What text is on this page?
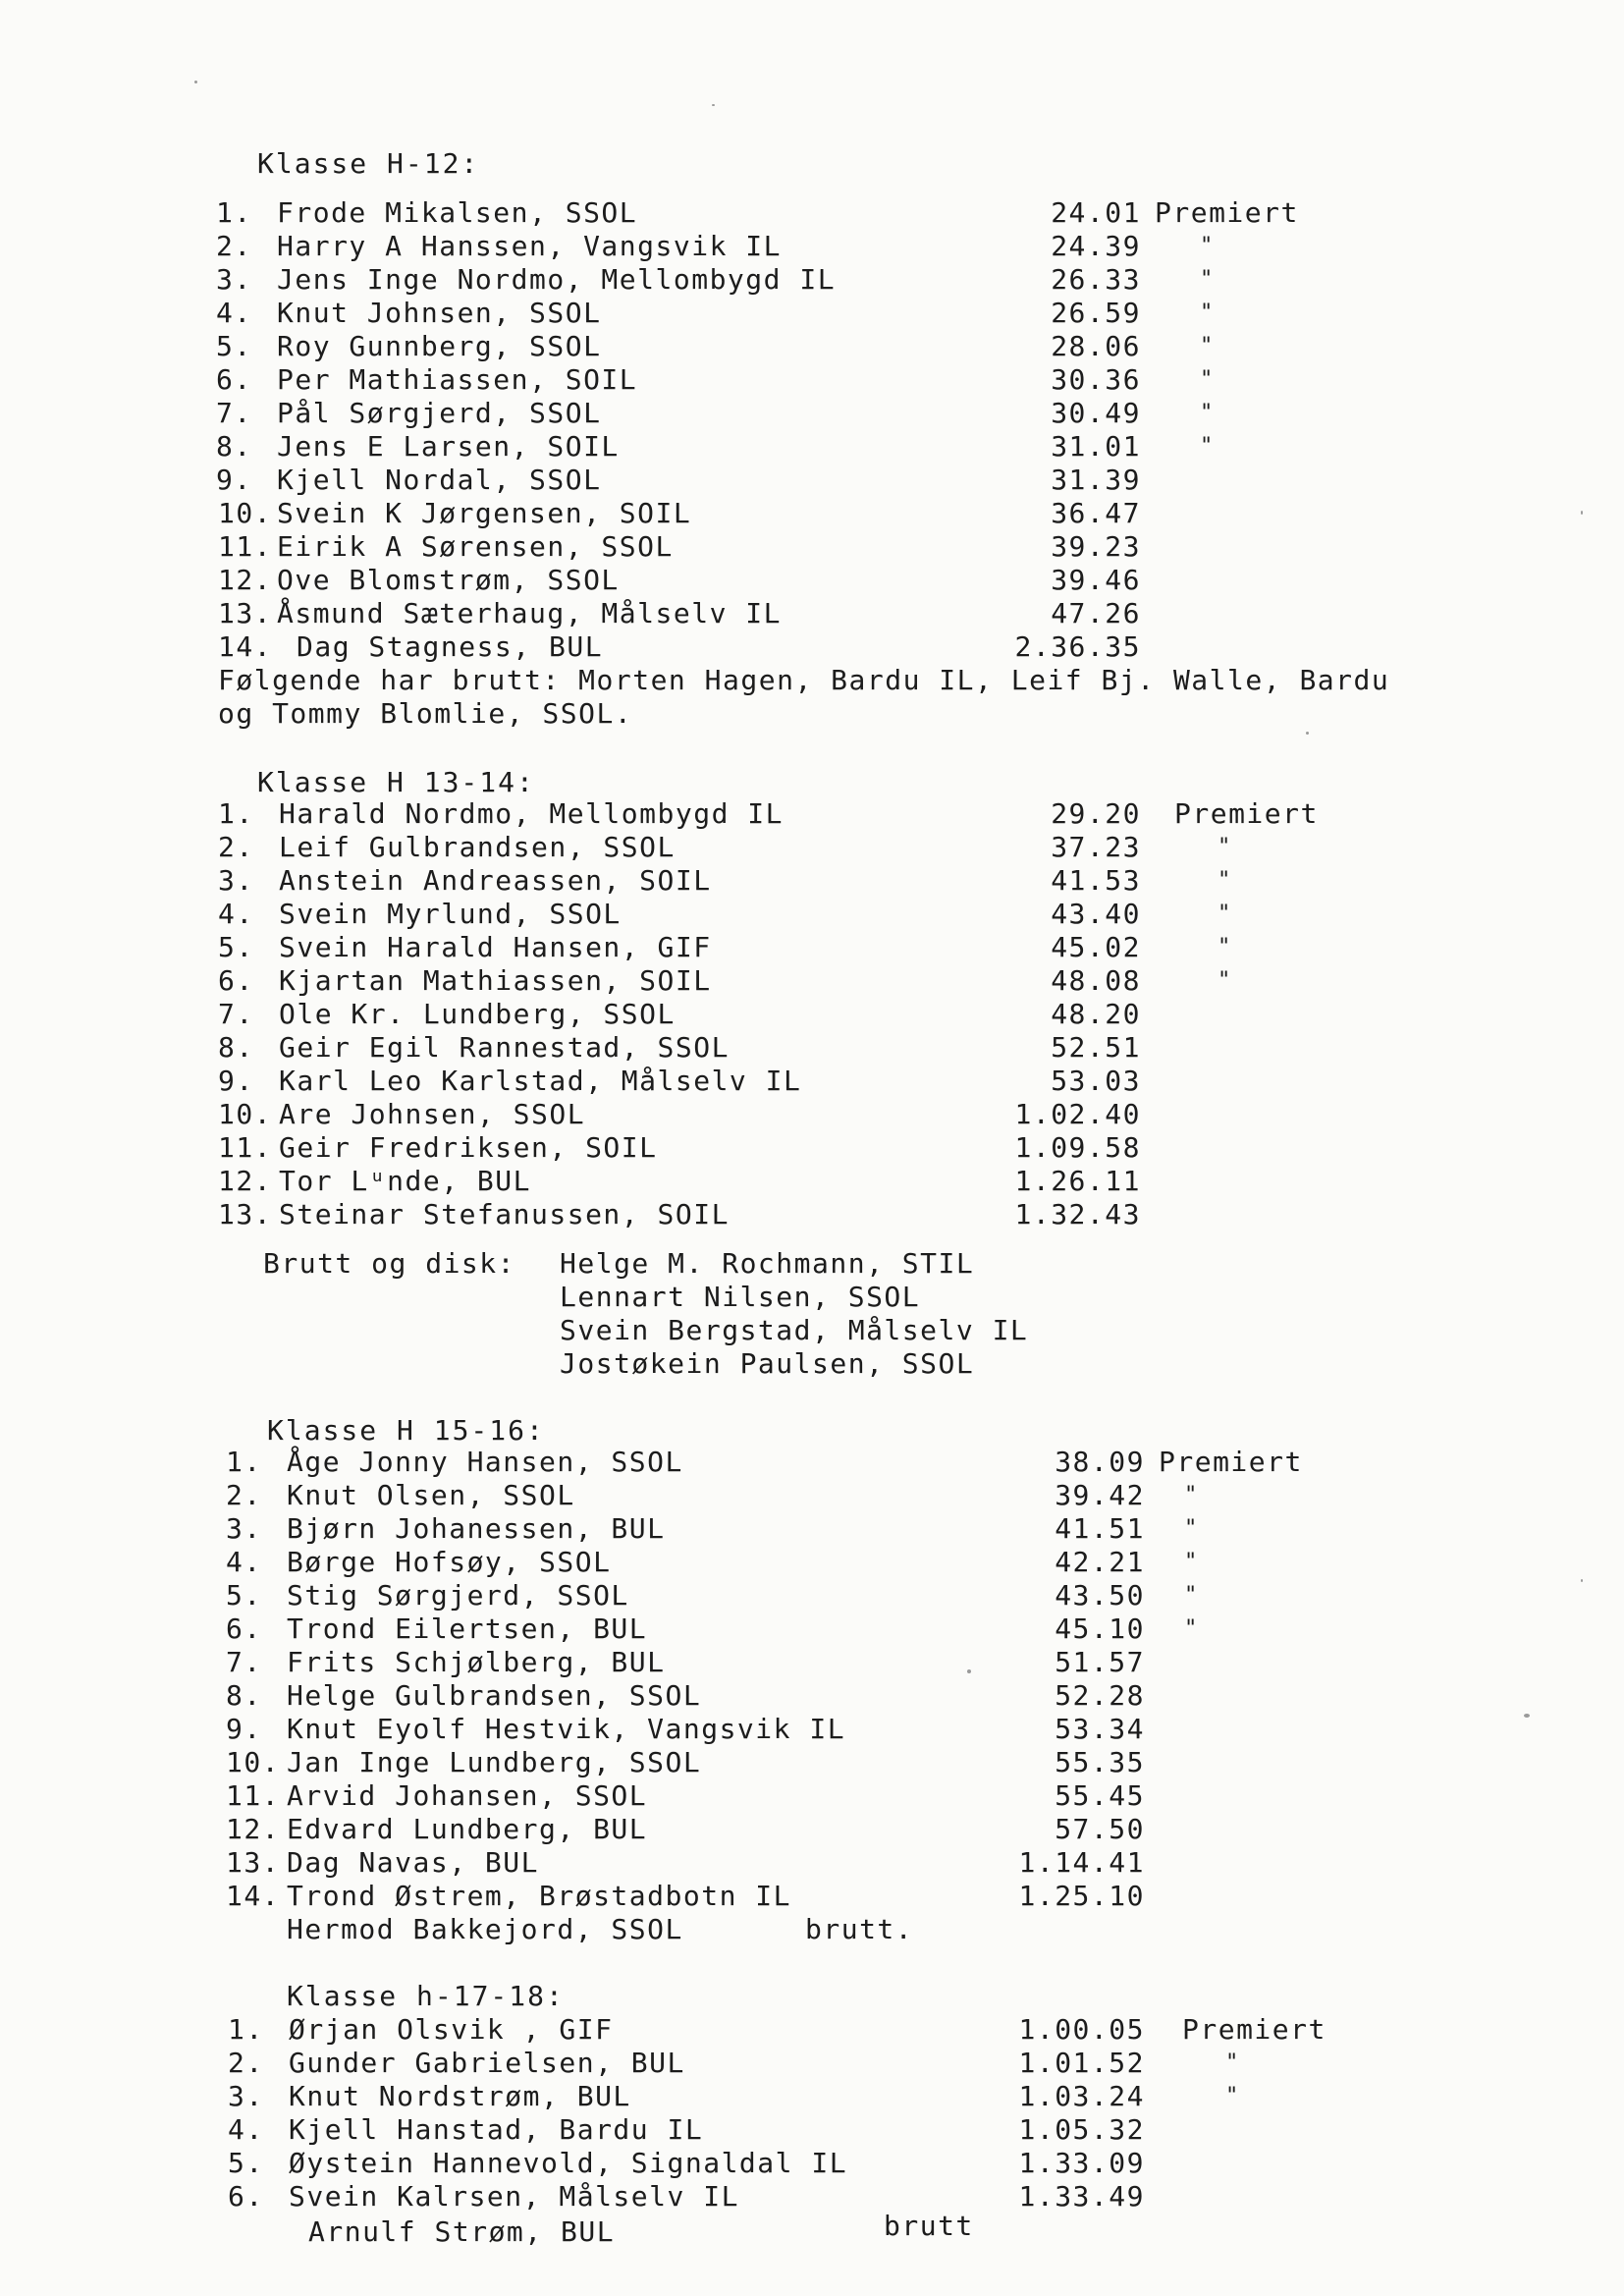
Klasse H-12:
1. Frode Mikalsen, SSOL	24.01 Premiert
2. Harry A Hanssen, Vangsvik IL	24.39	"
3. Jens Inge Nordmo, Mellombygd IL	26.33	"
4. Knut Johnsen, SSOL	26.59	"
5. Roy Gunnberg, SSOL	28.06	"
6. Per Mathiassen, SOIL	30.36	"
7. Pål Sørgjerd, SSOL	30.49	"
8. Jens E Larsen, SOIL	31.01	"
9. Kjell Nordal, SSOL	31.39
10. Svein K Jørgensen, SOIL	36.47
11. Eirik A Sørensen, SSOL	39.23
12. Ove Blomstrøm, SSOL	39.46
13. Åsmund Sæterhaug, Målselv IL	47.26
14. Dag Stagness, BUL	2.36.35
Følgende har brutt: Morten Hagen, Bardu IL, Leif Bj. Walle, Bardu
og Tommy Blomlie, SSOL.
Klasse H 13-14:
1. Harald Nordmo, Mellombygd IL	29.20 Premiert
2. Leif Gulbrandsen, SSOL	37.23	"
3. Anstein Andreassen, SOIL	41.53	"
4. Svein Myrlund, SSOL	43.40	"
5. Svein Harald Hansen, GIF	45.02	"
6. Kjartan Mathiassen, SOIL	48.08	"
7. Ole Kr. Lundberg, SSOL	48.20
8. Geir Egil Rannestad, SSOL	52.51
9. Karl Leo Karlstad, Målselv IL	53.03
10. Are Johnsen, SSOL	1.02.40
11. Geir Fredriksen, SOIL	1.09.58
12. Tor Lᵘnde, BUL	1.26.11
13. Steinar Stefanussen, SOIL	1.32.43
Brutt og disk: Helge M. Rochmann, STIL
Lennart Nilsen, SSOL
Svein Bergstad, Målselv IL
Jostøkein Paulsen, SSOL
Klasse H 15-16:
1. Åge Jonny Hansen, SSOL	38.09 Premiert
2. Knut Olsen, SSOL	39.42 "
3. Bjørn Johanessen, BUL	41.51 "
4. Børge Hofsøy, SSOL	42.21 "
5. Stig Sørgjerd, SSOL	43.50 "
6. Trond Eilertsen, BUL	45.10 "
7. Frits Schjølberg, BUL	51.57
8. Helge Gulbrandsen, SSOL	52.28
9. Knut Eyolf Hestvik, Vangsvik IL	53.34
10. Jan Inge Lundberg, SSOL	55.35
11. Arvid Johansen, SSOL	55.45
12. Edvard Lundberg, BUL	57.50
13. Dag Navas, BUL	1.14.41
14. Trond Østrem, Brøstadbotn IL	1.25.10
Hermod Bakkejord, SSOL	brutt.
Klasse h-17-18:
1. Ørjan Olsvik , GIF	1.00.05 Premiert
2. Gunder Gabrielsen, BUL	1.01.52	"
3. Knut Nordstrøm, BUL	1.03.24	"
4. Kjell Hanstad, Bardu IL	1.05.32
5. Øystein Hannevold, Signaldal IL	1.33.09
6. Svein Kalrsen, Målselv IL	1.33.49
Arnulf Strøm, BUL	brutt
